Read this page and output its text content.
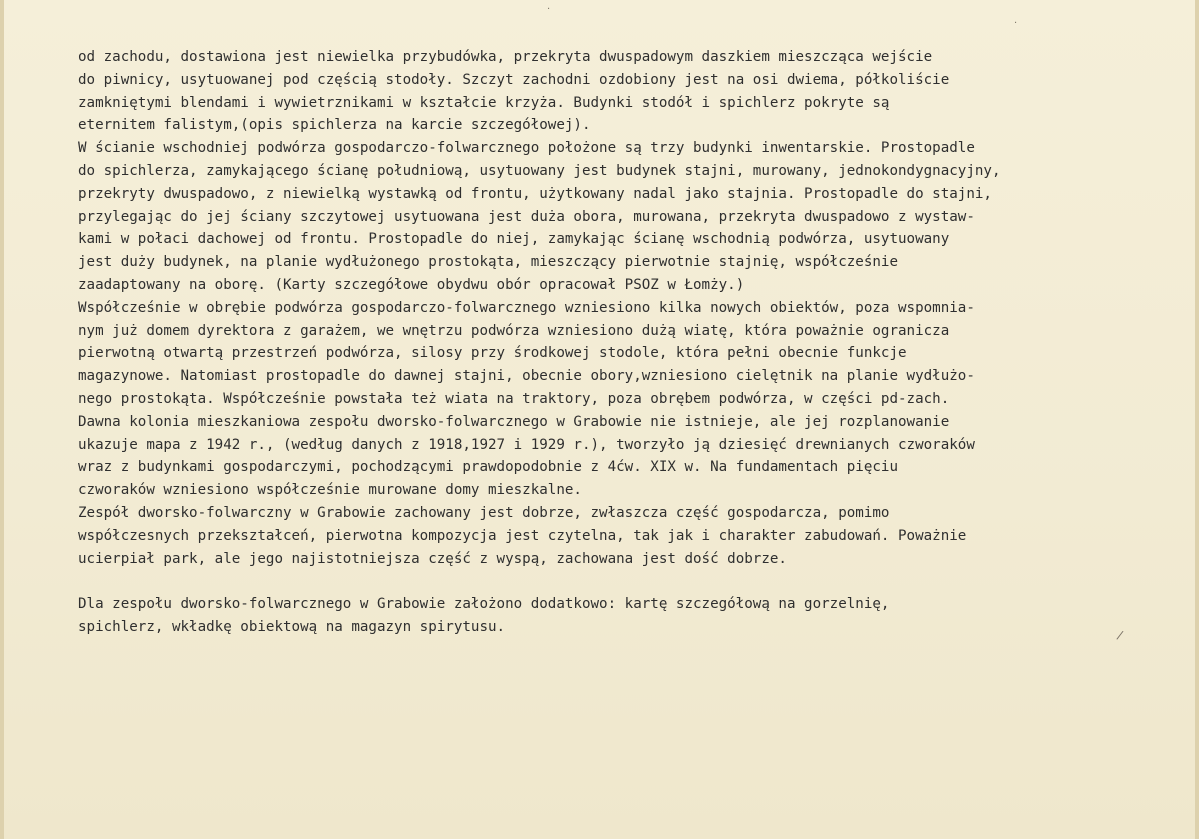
·
·
/
od zachodu, dostawiona jest niewielka przybudówka, przekryta dwuspadowym daszkiem mieszcząca wejście
do piwnicy, usytuowanej pod częścią stodoły. Szczyt zachodni ozdobiony jest na osi dwiema, półkoliście
zamkniętymi blendami i wywietrznikami w kształcie krzyża. Budynki stodół i spichlerz pokryte są
eternitem falistym,(opis spichlerza na karcie szczegółowej).
W ścianie wschodniej podwórza gospodarczo-folwarcznego położone są trzy budynki inwentarskie. Prostopadle
do spichlerza, zamykającego ścianę południową, usytuowany jest budynek stajni, murowany, jednokondygnacyjny,
przekryty dwuspadowo, z niewielką wystawką od frontu, użytkowany nadal jako stajnia. Prostopadle do stajni,
przylegając do jej ściany szczytowej usytuowana jest duża obora, murowana, przekryta dwuspadowo z wystaw-
kami w połaci dachowej od frontu. Prostopadle do niej, zamykając ścianę wschodnią podwórza, usytuowany
jest duży budynek, na planie wydłużonego prostokąta, mieszczący pierwotnie stajnię, współcześnie
zaadaptowany na oborę. (Karty szczegółowe obydwu obór opracował PSOZ w Łomży.)
Współcześnie w obrębie podwórza gospodarczo-folwarcznego wzniesiono kilka nowych obiektów, poza wspomnia-
nym już domem dyrektora z garażem, we wnętrzu podwórza wzniesiono dużą wiatę, która poważnie ogranicza
pierwotną otwartą przestrzeń podwórza, silosy przy środkowej stodole, która pełni obecnie funkcje
magazynowe. Natomiast prostopadle do dawnej stajni, obecnie obory,wzniesiono cielętnik na planie wydłużo-
nego prostokąta. Współcześnie powstała też wiata na traktory, poza obrębem podwórza, w części pd-zach.
Dawna kolonia mieszkaniowa zespołu dworsko-folwarcznego w Grabowie nie istnieje, ale jej rozplanowanie
ukazuje mapa z 1942 r., (według danych z 1918,1927 i 1929 r.), tworzyło ją dziesięć drewnianych czworaków
wraz z budynkami gospodarczymi, pochodzącymi prawdopodobnie z 4ćw. XIX w. Na fundamentach pięciu
czworaków wzniesiono współcześnie murowane domy mieszkalne.
Zespół dworsko-folwarczny w Grabowie zachowany jest dobrze, zwłaszcza część gospodarcza, pomimo
współczesnych przekształceń, pierwotna kompozycja jest czytelna, tak jak i charakter zabudowań. Poważnie
ucierpiał park, ale jego najistotniejsza część z wyspą, zachowana jest dość dobrze.
Dla zespołu dworsko-folwarcznego w Grabowie założono dodatkowo: kartę szczegółową na gorzelnię,
spichlerz, wkładkę obiektową na magazyn spirytusu.
